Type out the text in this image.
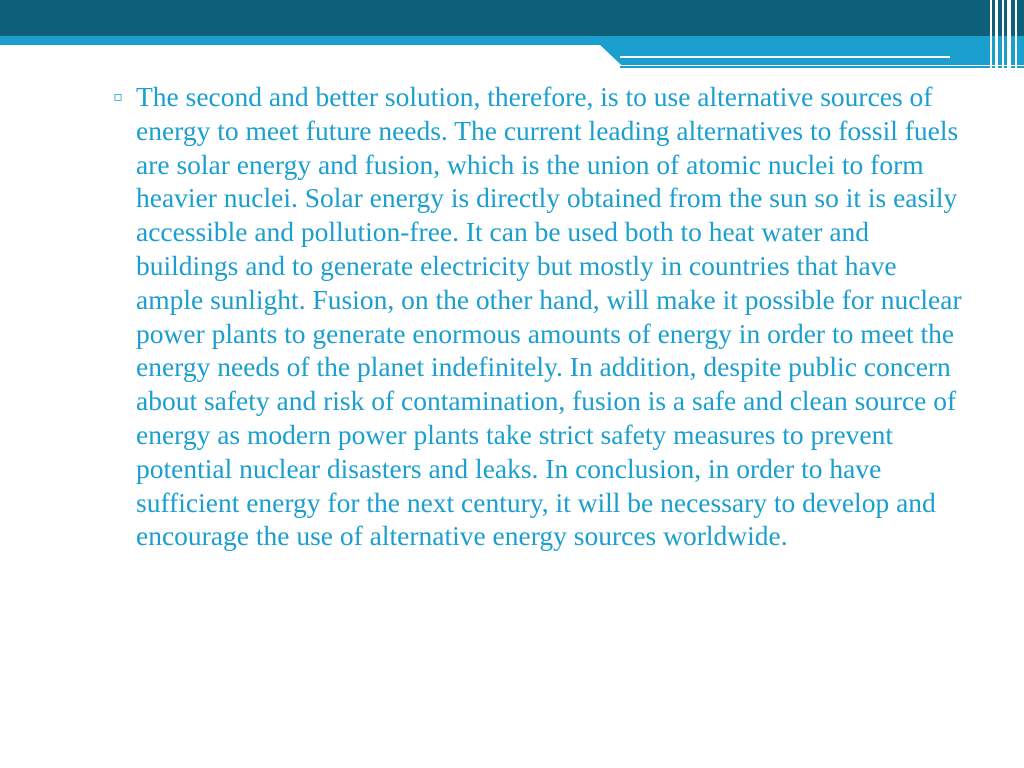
▫ The second and better solution, therefore, is to use alternative sources of energy to meet future needs. The current leading alternatives to fossil fuels are solar energy and fusion, which is the union of atomic nuclei to form heavier nuclei. Solar energy is directly obtained from the sun so it is easily accessible and pollution-free. It can be used both to heat water and buildings and to generate electricity but mostly in countries that have ample sunlight. Fusion, on the other hand, will make it possible for nuclear power plants to generate enormous amounts of energy in order to meet the energy needs of the planet indefinitely. In addition, despite public concern about safety and risk of contamination, fusion is a safe and clean source of energy as modern power plants take strict safety measures to prevent potential nuclear disasters and leaks. In conclusion, in order to have sufficient energy for the next century, it will be necessary to develop and encourage the use of alternative energy sources worldwide.
